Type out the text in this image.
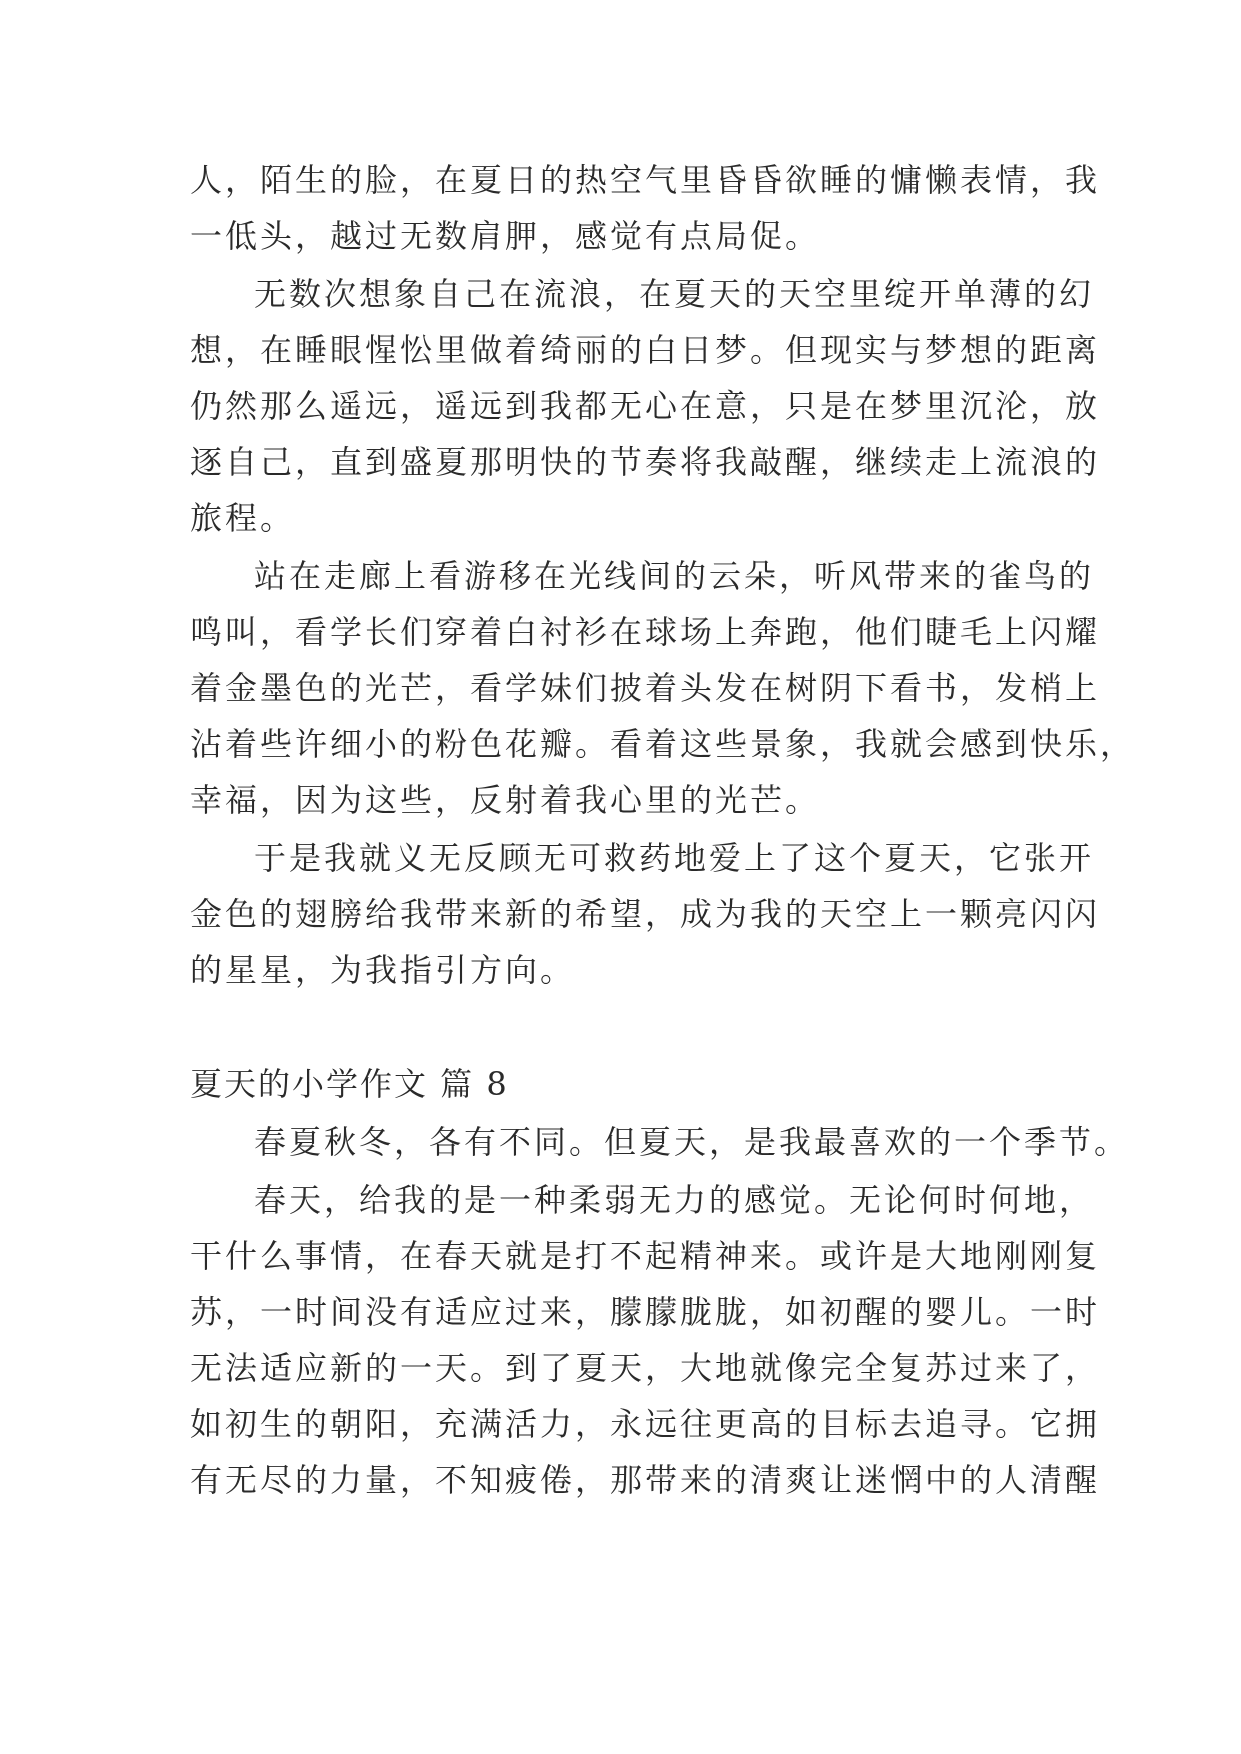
人，陌生的脸，在夏日的热空气里昏昏欲睡的慵懒表情，我
一低头，越过无数肩胛，感觉有点局促。
无数次想象自己在流浪，在夏天的天空里绽开单薄的幻
想，在睡眼惺忪里做着绮丽的白日梦。但现实与梦想的距离
仍然那么遥远，遥远到我都无心在意，只是在梦里沉沦，放
逐自己，直到盛夏那明快的节奏将我敲醒，继续走上流浪的
旅程。
站在走廊上看游移在光线间的云朵，听风带来的雀鸟的
鸣叫，看学长们穿着白衬衫在球场上奔跑，他们睫毛上闪耀
着金墨色的光芒，看学妹们披着头发在树阴下看书，发梢上
沾着些许细小的粉色花瓣。看着这些景象，我就会感到快乐，
幸福，因为这些，反射着我心里的光芒。
于是我就义无反顾无可救药地爱上了这个夏天，它张开
金色的翅膀给我带来新的希望，成为我的天空上一颗亮闪闪
的星星，为我指引方向。
夏天的小学作文 篇 8
春夏秋冬，各有不同。但夏天，是我最喜欢的一个季节。
春天，给我的是一种柔弱无力的感觉。无论何时何地，
干什么事情，在春天就是打不起精神来。或许是大地刚刚复
苏，一时间没有适应过来，朦朦胧胧，如初醒的婴儿。一时
无法适应新的一天。到了夏天，大地就像完全复苏过来了，
如初生的朝阳，充满活力，永远往更高的目标去追寻。它拥
有无尽的力量，不知疲倦，那带来的清爽让迷惘中的人清醒
